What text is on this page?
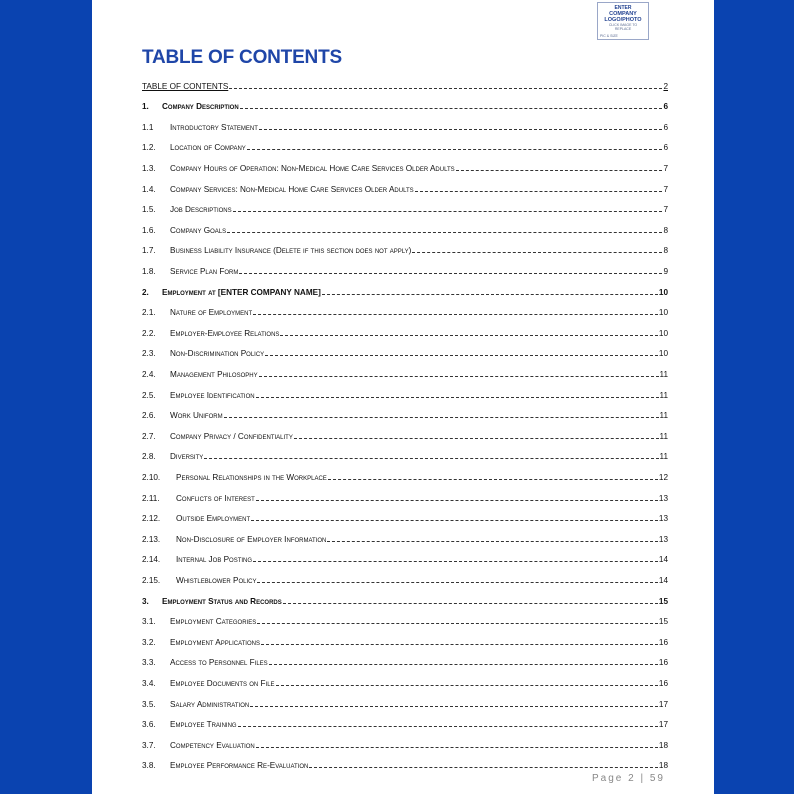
ENTER
COMPANY
LOGO/PHOTO
CLICK IMAGE TO
REPLACE
PIC & SIZE
TABLE OF CONTENTS
TABLE OF CONTENTS	2
1.	Company Description	6
1.1	Introductory Statement	6
1.2.	Location of Company	6
1.3.	Company Hours of Operation: Non-Medical Home Care Services Older Adults	7
1.4.	Company Services: Non-Medical Home Care Services Older Adults	7
1.5.	Job Descriptions	7
1.6.	Company Goals	8
1.7.	Business Liability Insurance (Delete if this section does not apply)	8
1.8.	Service Plan Form	9
2.	Employment at [ENTER COMPANY NAME]	10
2.1.	Nature of Employment	10
2.2.	Employer-Employee Relations	10
2.3.	Non-Discrimination Policy	10
2.4.	Management Philosophy	11
2.5.	Employee Identification	11
2.6.	Work Uniform	11
2.7.	Company Privacy / Confidentiality	11
2.8.	Diversity	11
2.10.	Personal Relationships in the Workplace	12
2.11.	Conflicts of Interest	13
2.12.	Outside Employment	13
2.13.	Non-Disclosure of Employer Information	13
2.14.	Internal Job Posting	14
2.15.	Whistleblower Policy	14
3.	Employment Status and Records	15
3.1.	Employment Categories	15
3.2.	Employment Applications	16
3.3.	Access to Personnel Files	16
3.4.	Employee Documents on File	16
3.5.	Salary Administration	17
3.6.	Employee Training	17
3.7.	Competency Evaluation	18
3.8.	Employee Performance Re-Evaluation	18
Page 2 | 59
